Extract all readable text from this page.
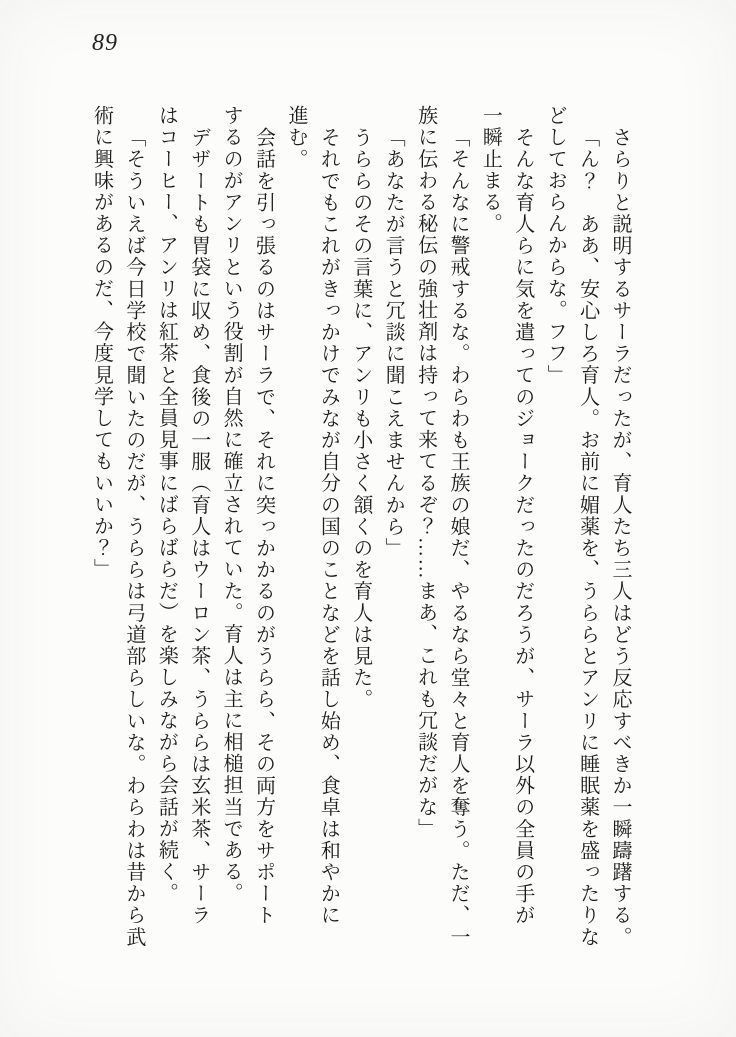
89
さらりと説明するサーラだったが、育人たち三人はどう反応すべきか一瞬躊躇する。
「ん？　ああ、安心しろ育人。お前に媚薬を、うららとアンリに睡眠薬を盛ったりな
どしておらんからな。フフ」
そんな育人らに気を遣ってのジョークだったのだろうが、サーラ以外の全員の手が
一瞬止まる。
「そんなに警戒するな。わらわも王族の娘だ、やるなら堂々と育人を奪う。ただ、一
族に伝わる秘伝の強壮剤は持って来てるぞ？……まあ、これも冗談だがな」
「あなたが言うと冗談に聞こえませんから」
うららのその言葉に、アンリも小さく頷くのを育人は見た。
それでもこれがきっかけでみなが自分の国のことなどを話し始め、食卓は和やかに
進む。
会話を引っ張るのはサーラで、それに突っかかるのがうらら、その両方をサポート
するのがアンリという役割が自然に確立されていた。育人は主に相槌担当である。
デザートも胃袋に収め、食後の一服（育人はウーロン茶、うららは玄米茶、サーラ
はコーヒー、アンリは紅茶と全員見事にばらばらだ）を楽しみながら会話が続く。
「そういえば今日学校で聞いたのだが、うららは弓道部らしいな。わらわは昔から武
術に興味があるのだ、今度見学してもいいか？」
